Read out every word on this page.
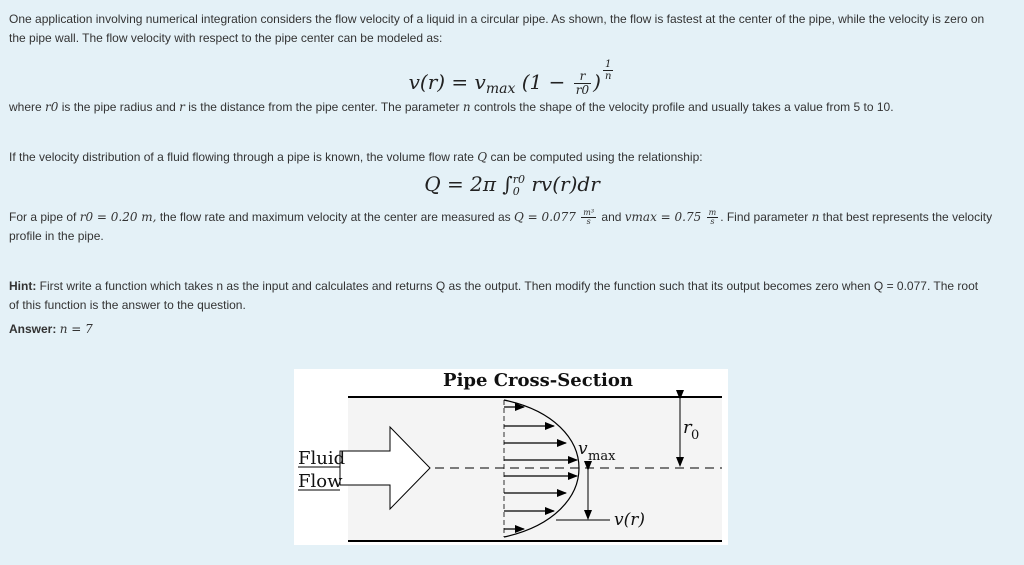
One application involving numerical integration considers the flow velocity of a liquid in a circular pipe. As shown, the flow is fastest at the center of the pipe, while the velocity is zero on
the pipe wall. The flow velocity with respect to the pipe center can be modeled as:
$v(r) = v_{max}$ ($1 - \frac{r}{r0}$ ) $\frac{1}{n}$
where r0 is the pipe radius and r is the distance from the pipe center. The parameter n controls the shape of the velocity profile and usually takes a value from 5 to 10.
If the velocity distribution of a fluid flowing through a pipe is known, the volume flow rate Q can be computed using the relationship:
Q = 2π ∫ r0
0 rv(r)dr
For a pipe of r0 = 0.20 m, the flow rate and maximum velocity at the center are measured as $Q = 0.077 \frac{\text{m³}}{s}$ and $vmax = 0.75 \frac{m}{s}$ . Find parameter n that best represents the velocity
profile in the pipe.
Hint: First write a function which takes n as the input and calculates and returns Q as the output. Then modify the function such that its output becomes zero when Q = 0.077. The root
of this function is the answer to the question.
Answer: n = 7
Pipe Cross-Section
Fluid
Flow
v max
v(r)
r 0
